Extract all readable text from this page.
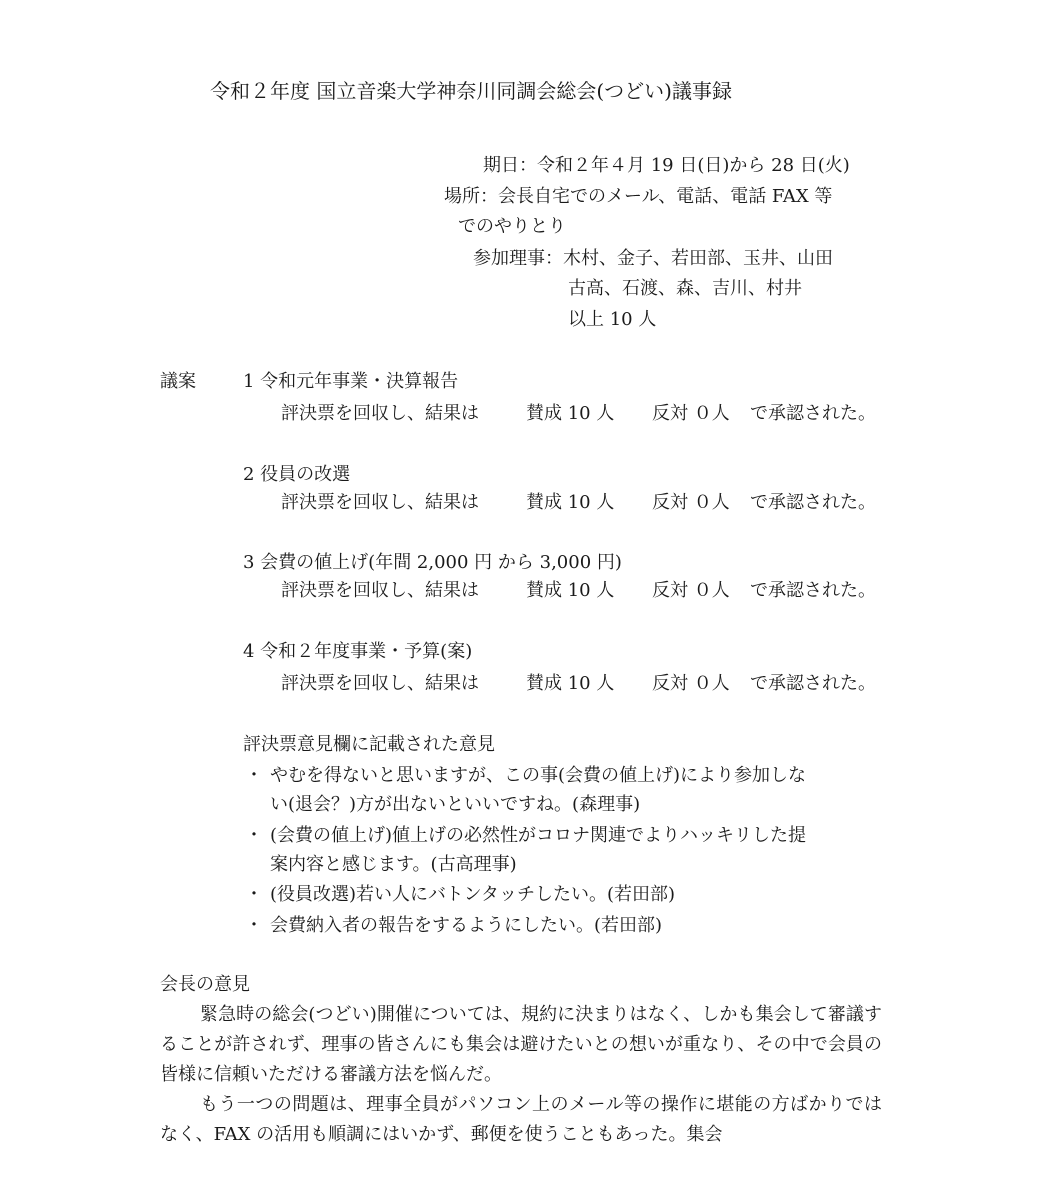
令和２年度 国立音楽大学神奈川同調会総会(つどい)議事録
期日：令和２年４月 19 日(日)から 28 日(火)
場所：会長自宅でのメール、電話、電話 FAX 等
でのやりとり
参加理事：木村、金子、若田部、玉井、山田
古高、石渡、森、吉川、村井
以上 10 人
議案	1 令和元年事業・決算報告
評決票を回収し、結果は	賛成 10 人 反対 ０人 で承認された。
2 役員の改選
評決票を回収し、結果は	賛成 10 人 反対 ０人 で承認された。
3 会費の値上げ(年間 2,000 円 から 3,000 円)
評決票を回収し、結果は	賛成 10 人 反対 ０人 で承認された。
4 令和２年度事業・予算(案)
評決票を回収し、結果は	賛成 10 人 反対 ０人 で承認された。
評決票意見欄に記載された意見
・ やむを得ないと思いますが、この事(会費の値上げ)により参加しな
い(退会？)方が出ないといいですね。(森理事)
・ (会費の値上げ)値上げの必然性がコロナ関連でよりハッキリした提
案内容と感じます。(古高理事)
・ (役員改選)若い人にバトンタッチしたい。(若田部)
・ 会費納入者の報告をするようにしたい。(若田部)
会長の意見

緊急時の総会(つどい)開催については、規約に決まりはなく、しかも集会して審議することが許されず、理事の皆さんにも集会は避けたいとの想いが重なり、その中で会員の皆様に信頼いただける審議方法を悩んだ。

もう一つの問題は、理事全員がパソコン上のメール等の操作に堪能の方ばかりではなく、FAX の活用も順調にはいかず、郵便を使うこともあった。集会
